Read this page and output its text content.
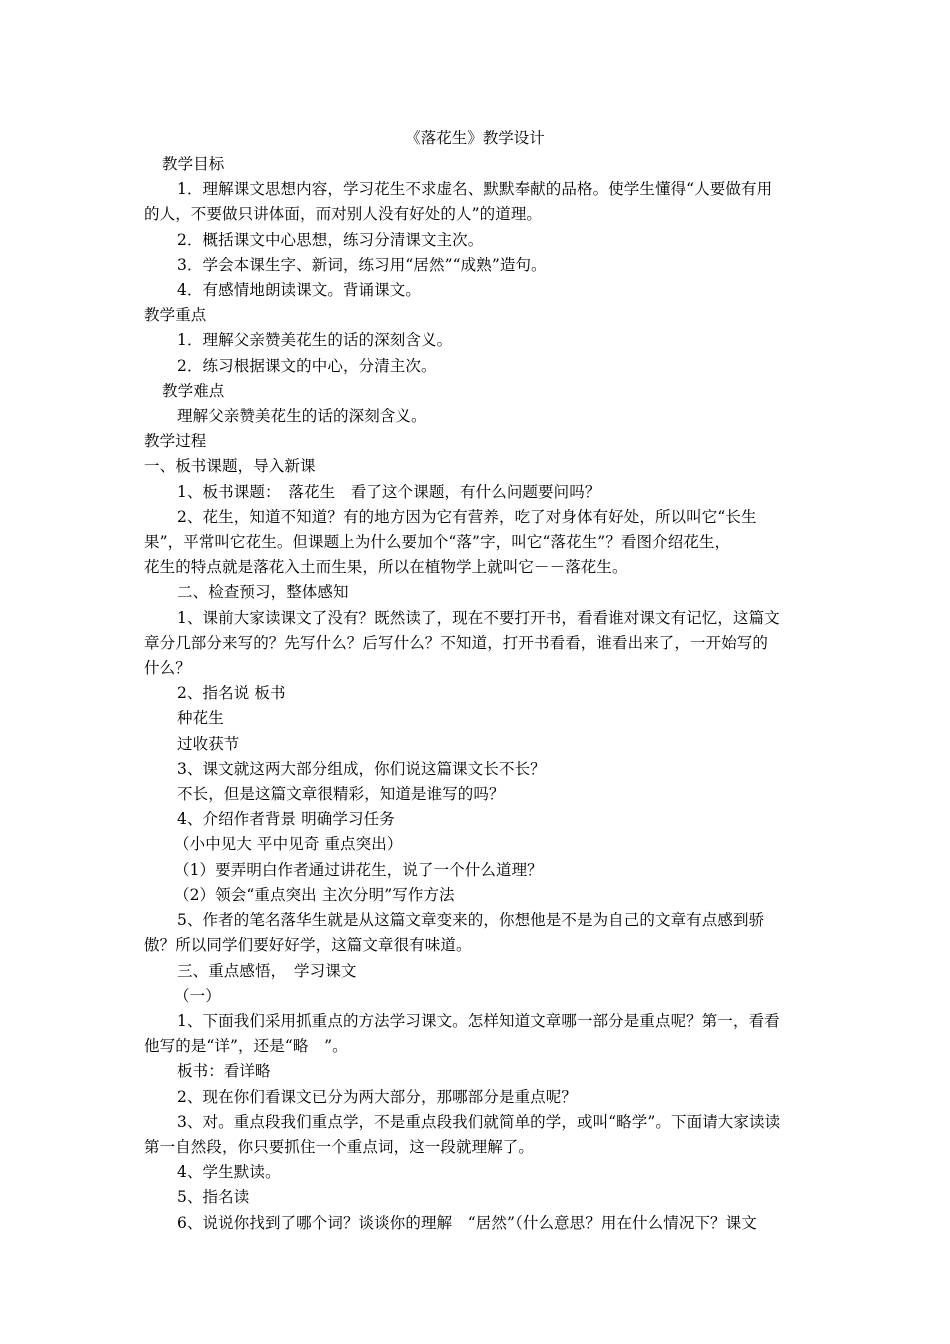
《落花生》教学设计
教学目标
1．理解课文思想内容，学习花生不求虚名、默默奉献的品格。使学生懂得“人要做有用
的人，不要做只讲体面，而对别人没有好处的人”的道理。
2．概括课文中心思想，练习分清课文主次。
3．学会本课生字、新词，练习用“居然”“成熟”造句。
4．有感情地朗读课文。背诵课文。
教学重点
1．理解父亲赞美花生的话的深刻含义。
2．练习根据课文的中心，分清主次。
教学难点
理解父亲赞美花生的话的深刻含义。
教学过程
一、板书课题，导入新课
1、板书课题：　落花生　看了这个课题，有什么问题要问吗？
2、花生，知道不知道？有的地方因为它有营养，吃了对身体有好处，所以叫它“长生
果”，平常叫它花生。但课题上为什么要加个“落”字，叫它“落花生”？看图介绍花生，
花生的特点就是落花入土而生果，所以在植物学上就叫它－－落花生。
二、检查预习，整体感知
1、课前大家读课文了没有？既然读了，现在不要打开书，看看谁对课文有记忆，这篇文
章分几部分来写的？先写什么？后写什么？不知道，打开书看看，谁看出来了，一开始写的
什么？
2、指名说 板书
种花生
过收获节
3、课文就这两大部分组成，你们说这篇课文长不长？
不长，但是这篇文章很精彩，知道是谁写的吗？
4、介绍作者背景 明确学习任务
（小中见大 平中见奇 重点突出）
（1）要弄明白作者通过讲花生，说了一个什么道理？
（2）领会“重点突出 主次分明”写作方法
5、作者的笔名落华生就是从这篇文章变来的，你想他是不是为自己的文章有点感到骄
傲？所以同学们要好好学，这篇文章很有味道。
三、重点感悟，　学习课文
（一）
1、下面我们采用抓重点的方法学习课文。怎样知道文章哪一部分是重点呢？第一，看看
他写的是“详”，还是“略　”。
板书：看详略
2、现在你们看课文已分为两大部分，那哪部分是重点呢？
3、对。重点段我们重点学，不是重点段我们就简单的学，或叫“略学”。下面请大家读读
第一自然段，你只要抓住一个重点词，这一段就理解了。
4、学生默读。
5、指名读
6、说说你找到了哪个词？谈谈你的理解　“居然”（什么意思？用在什么情况下？课文
